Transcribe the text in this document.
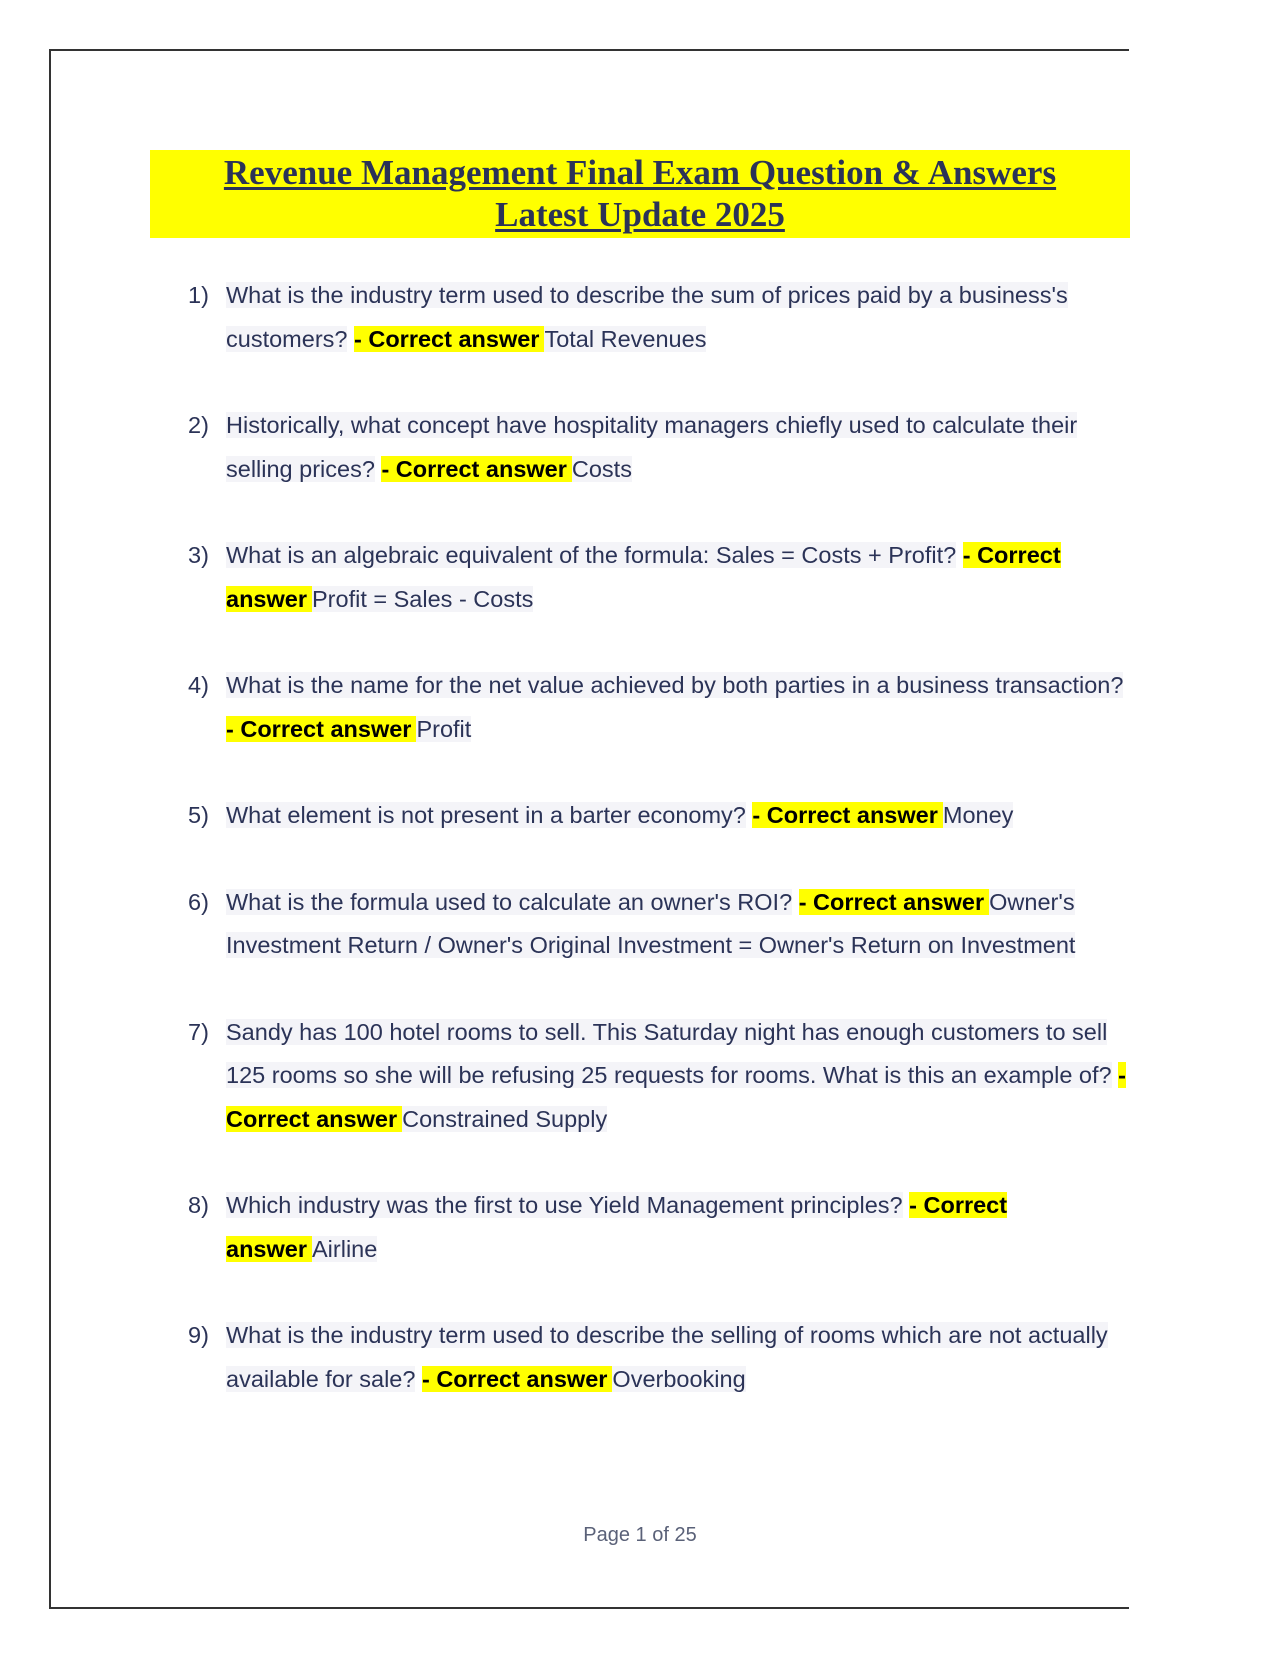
Revenue Management Final Exam Question & Answers
Latest Update 2025
1) What is the industry term used to describe the sum of prices paid by a business's customers? - Correct answer Total Revenues
2) Historically, what concept have hospitality managers chiefly used to calculate their selling prices? - Correct answer Costs
3) What is an algebraic equivalent of the formula: Sales = Costs + Profit? - Correct answer Profit = Sales - Costs
4) What is the name for the net value achieved by both parties in a business transaction? - Correct answer Profit
5) What element is not present in a barter economy? - Correct answer Money
6) What is the formula used to calculate an owner's ROI? - Correct answer Owner's Investment Return / Owner's Original Investment = Owner's Return on Investment
7) Sandy has 100 hotel rooms to sell. This Saturday night has enough customers to sell 125 rooms so she will be refusing 25 requests for rooms. What is this an example of? - Correct answer Constrained Supply
8) Which industry was the first to use Yield Management principles? - Correct answer Airline
9) What is the industry term used to describe the selling of rooms which are not actually available for sale? - Correct answer Overbooking
Page 1 of 25
